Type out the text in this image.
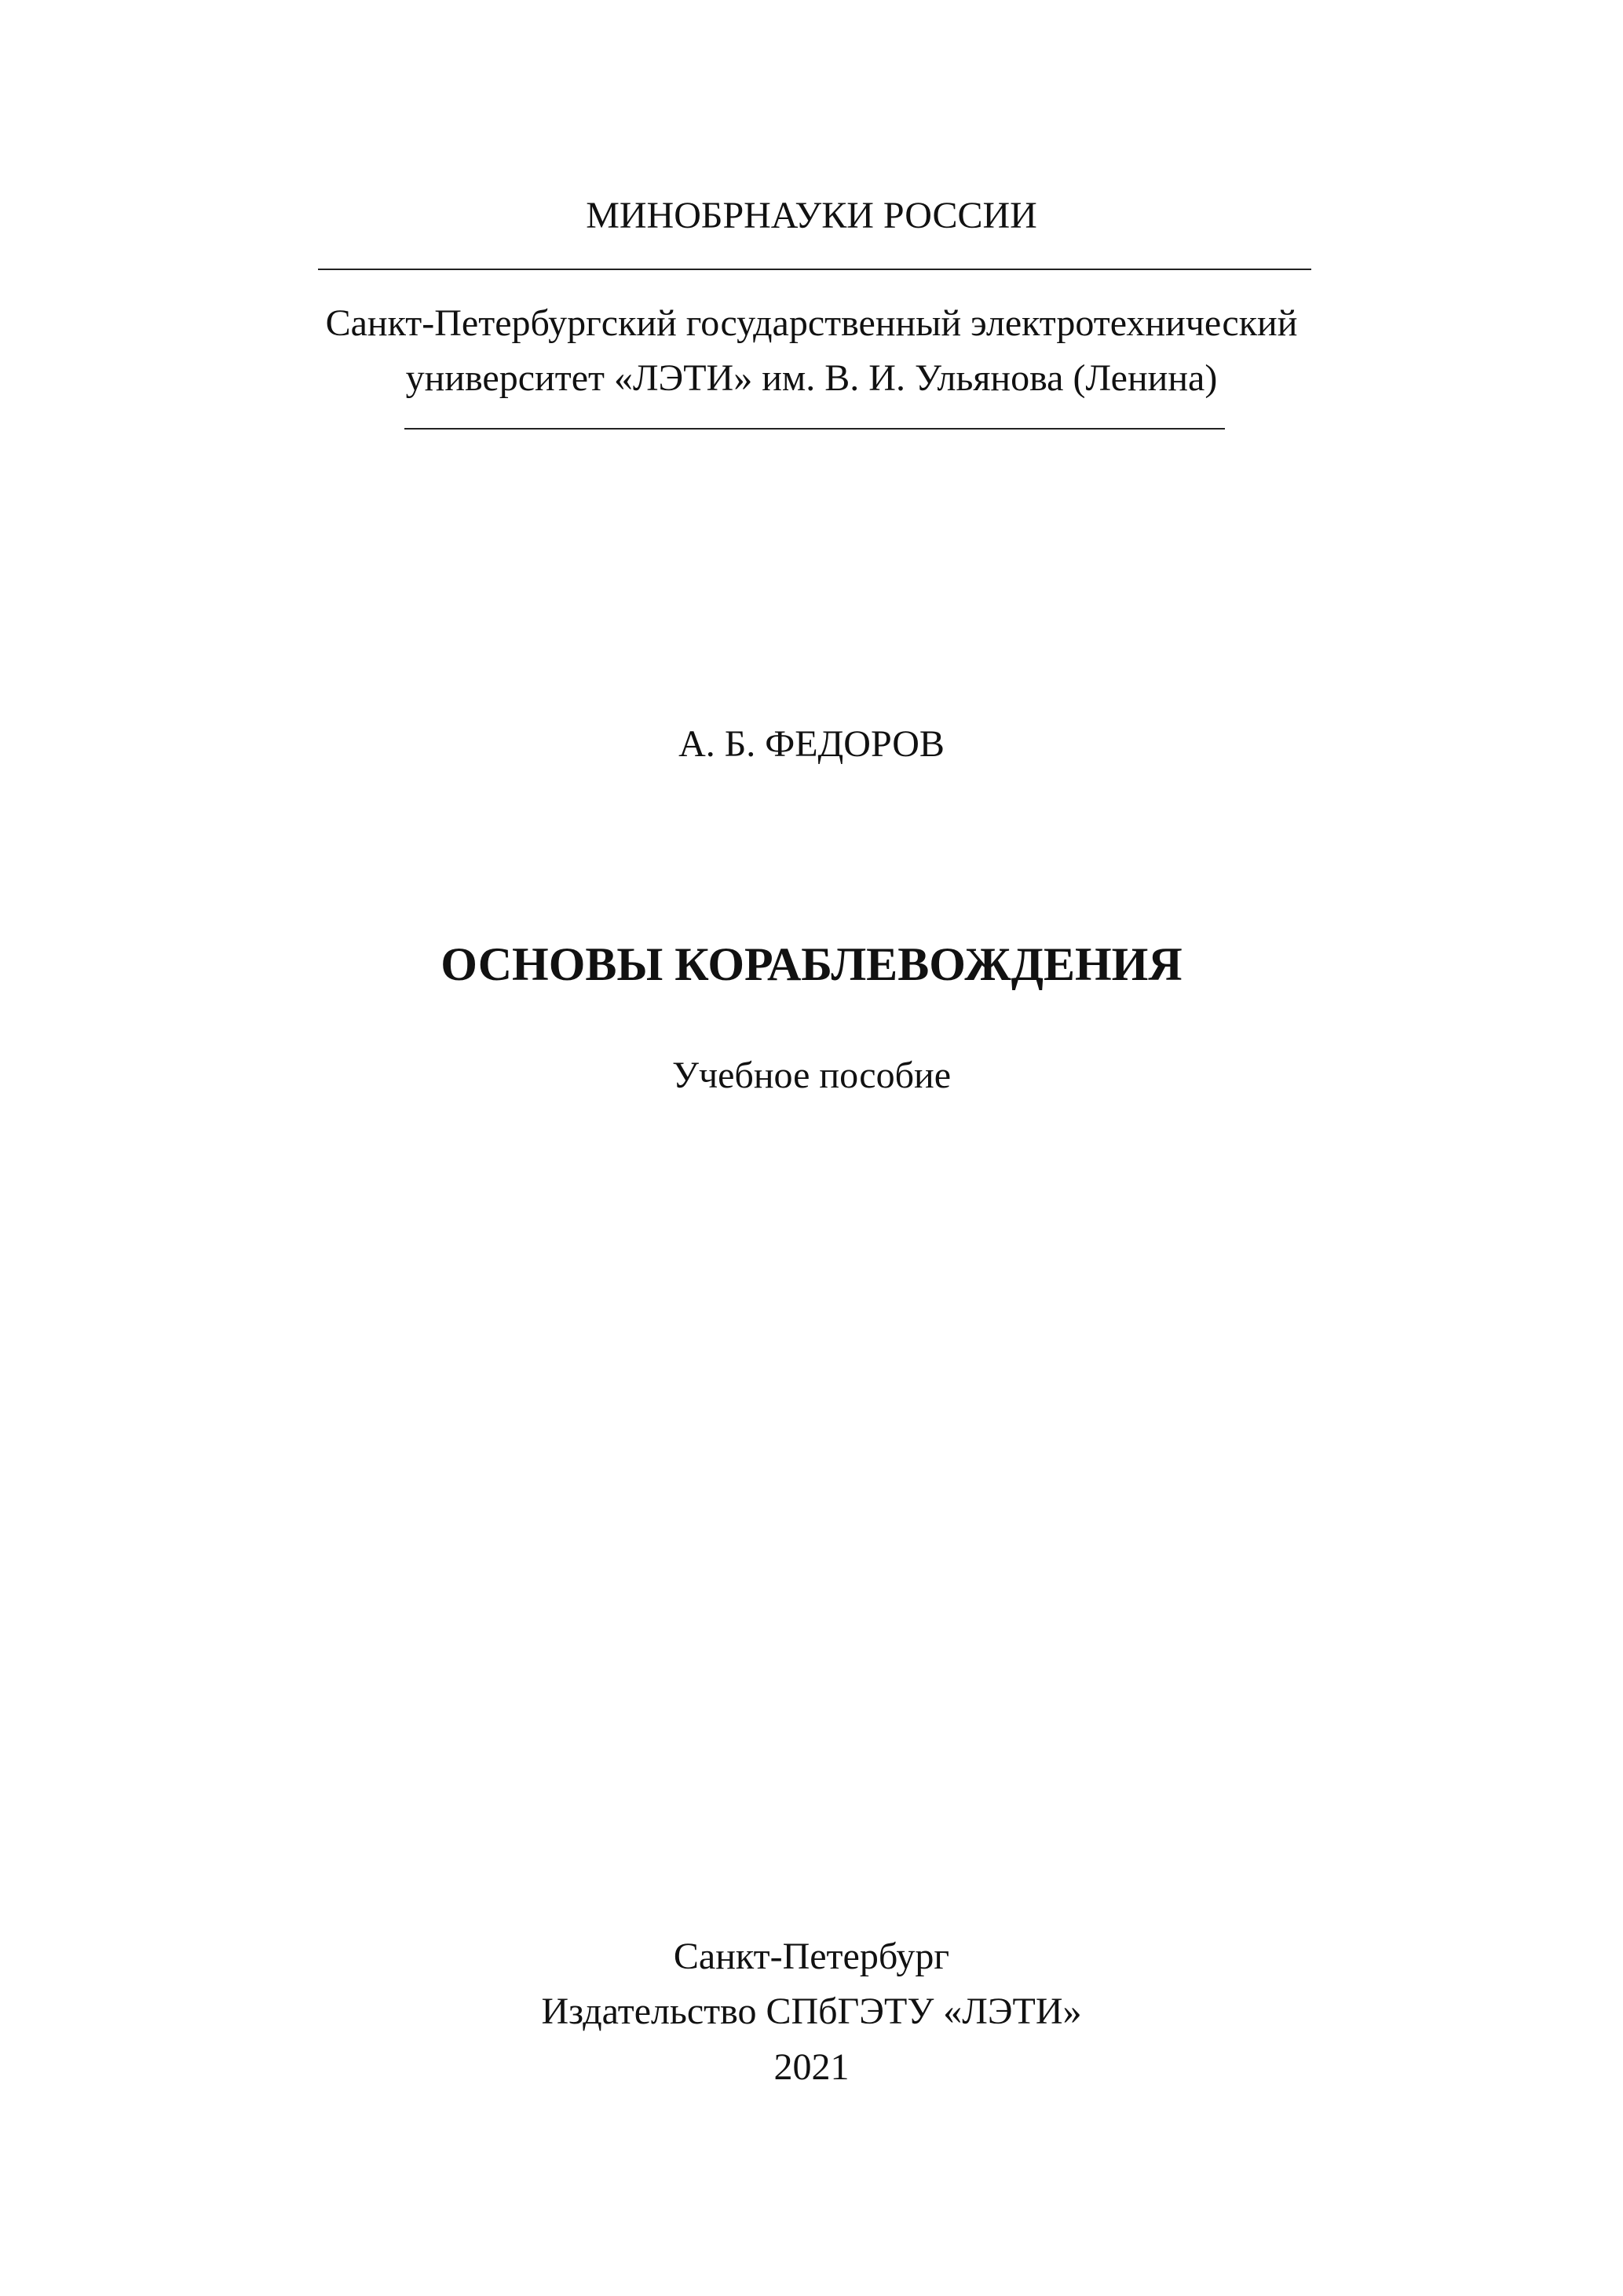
МИНОБРНАУКИ РОССИИ
Санкт-Петербургский государственный электротехнический
университет «ЛЭТИ» им. В. И. Ульянова (Ленина)
А. Б. ФЕДОРОВ
ОСНОВЫ КОРАБЛЕВОЖДЕНИЯ
Учебное пособие
Санкт-Петербург
Издательство СПбГЭТУ «ЛЭТИ»
2021
